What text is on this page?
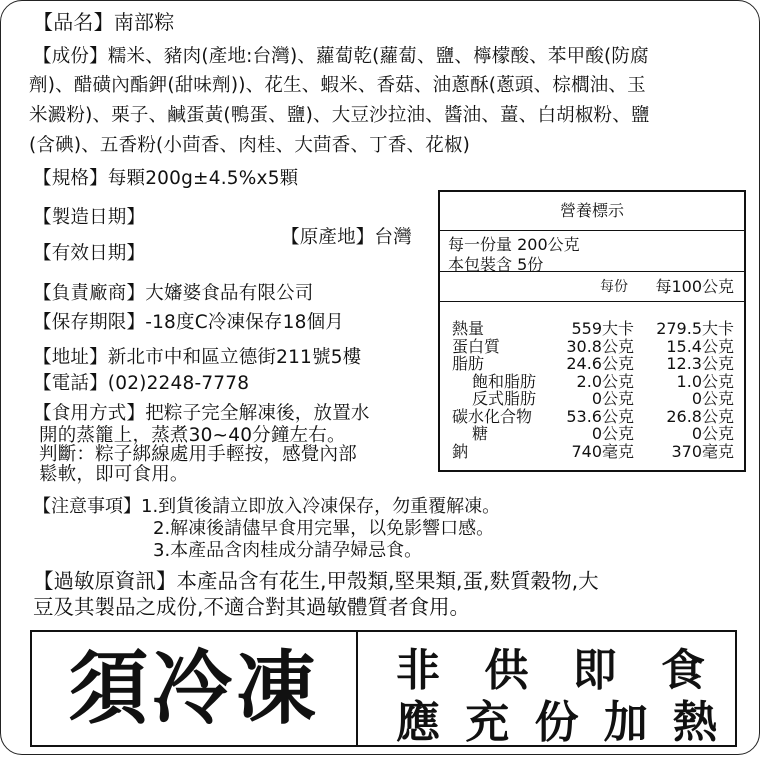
【品名】南部粽
【成份】糯米、豬肉(產地:台灣)、蘿蔔乾(蘿蔔、鹽、檸檬酸、苯甲酸(防腐
劑)、醋磺內酯鉀(甜味劑))、花生、蝦米、香菇、油蔥酥(蔥頭、棕櫚油、玉
米澱粉)、栗子、鹹蛋黃(鴨蛋、鹽)、大豆沙拉油、醬油、薑、白胡椒粉、鹽
(含碘)、五香粉(小茴香、肉桂、大茴香、丁香、花椒)
【規格】每顆200g±4.5%x5顆
【製造日期】
【原產地】台灣
【有效日期】
【負責廠商】大嬸婆食品有限公司
【保存期限】-18度C冷凍保存18個月
【地址】新北市中和區立德街211號5樓
【電話】(02)2248-7778
【食用方式】把粽子完全解凍後，放置水
開的蒸籠上，蒸煮30~40分鐘左右。
判斷：粽子綁線處用手輕按，感覺內部
鬆軟，即可食用。
營養標示
每一份量 200公克
本包裝含 5份
每份 每100公克
熱量	559大卡 279.5大卡
蛋白質	30.8公克 15.4公克
脂肪	24.6公克 12.3公克
飽和脂肪	2.0公克	1.0公克
反式脂肪	0公克	0公克
碳水化合物 53.6公克 26.8公克
糖	0公克	0公克
鈉	740毫克 370毫克
【注意事項】1.到貨後請立即放入冷凍保存，勿重覆解凍。
2.解凍後請儘早食用完畢，以免影響口感。
3.本產品含肉桂成分請孕婦忌食。
【過敏原資訊】本產品含有花生,甲殼類,堅果類,蛋,麩質穀物,大
豆及其製品之成份,不適合對其過敏體質者食用。
須冷凍	非 供 即 食
應 充 份 加 熱
